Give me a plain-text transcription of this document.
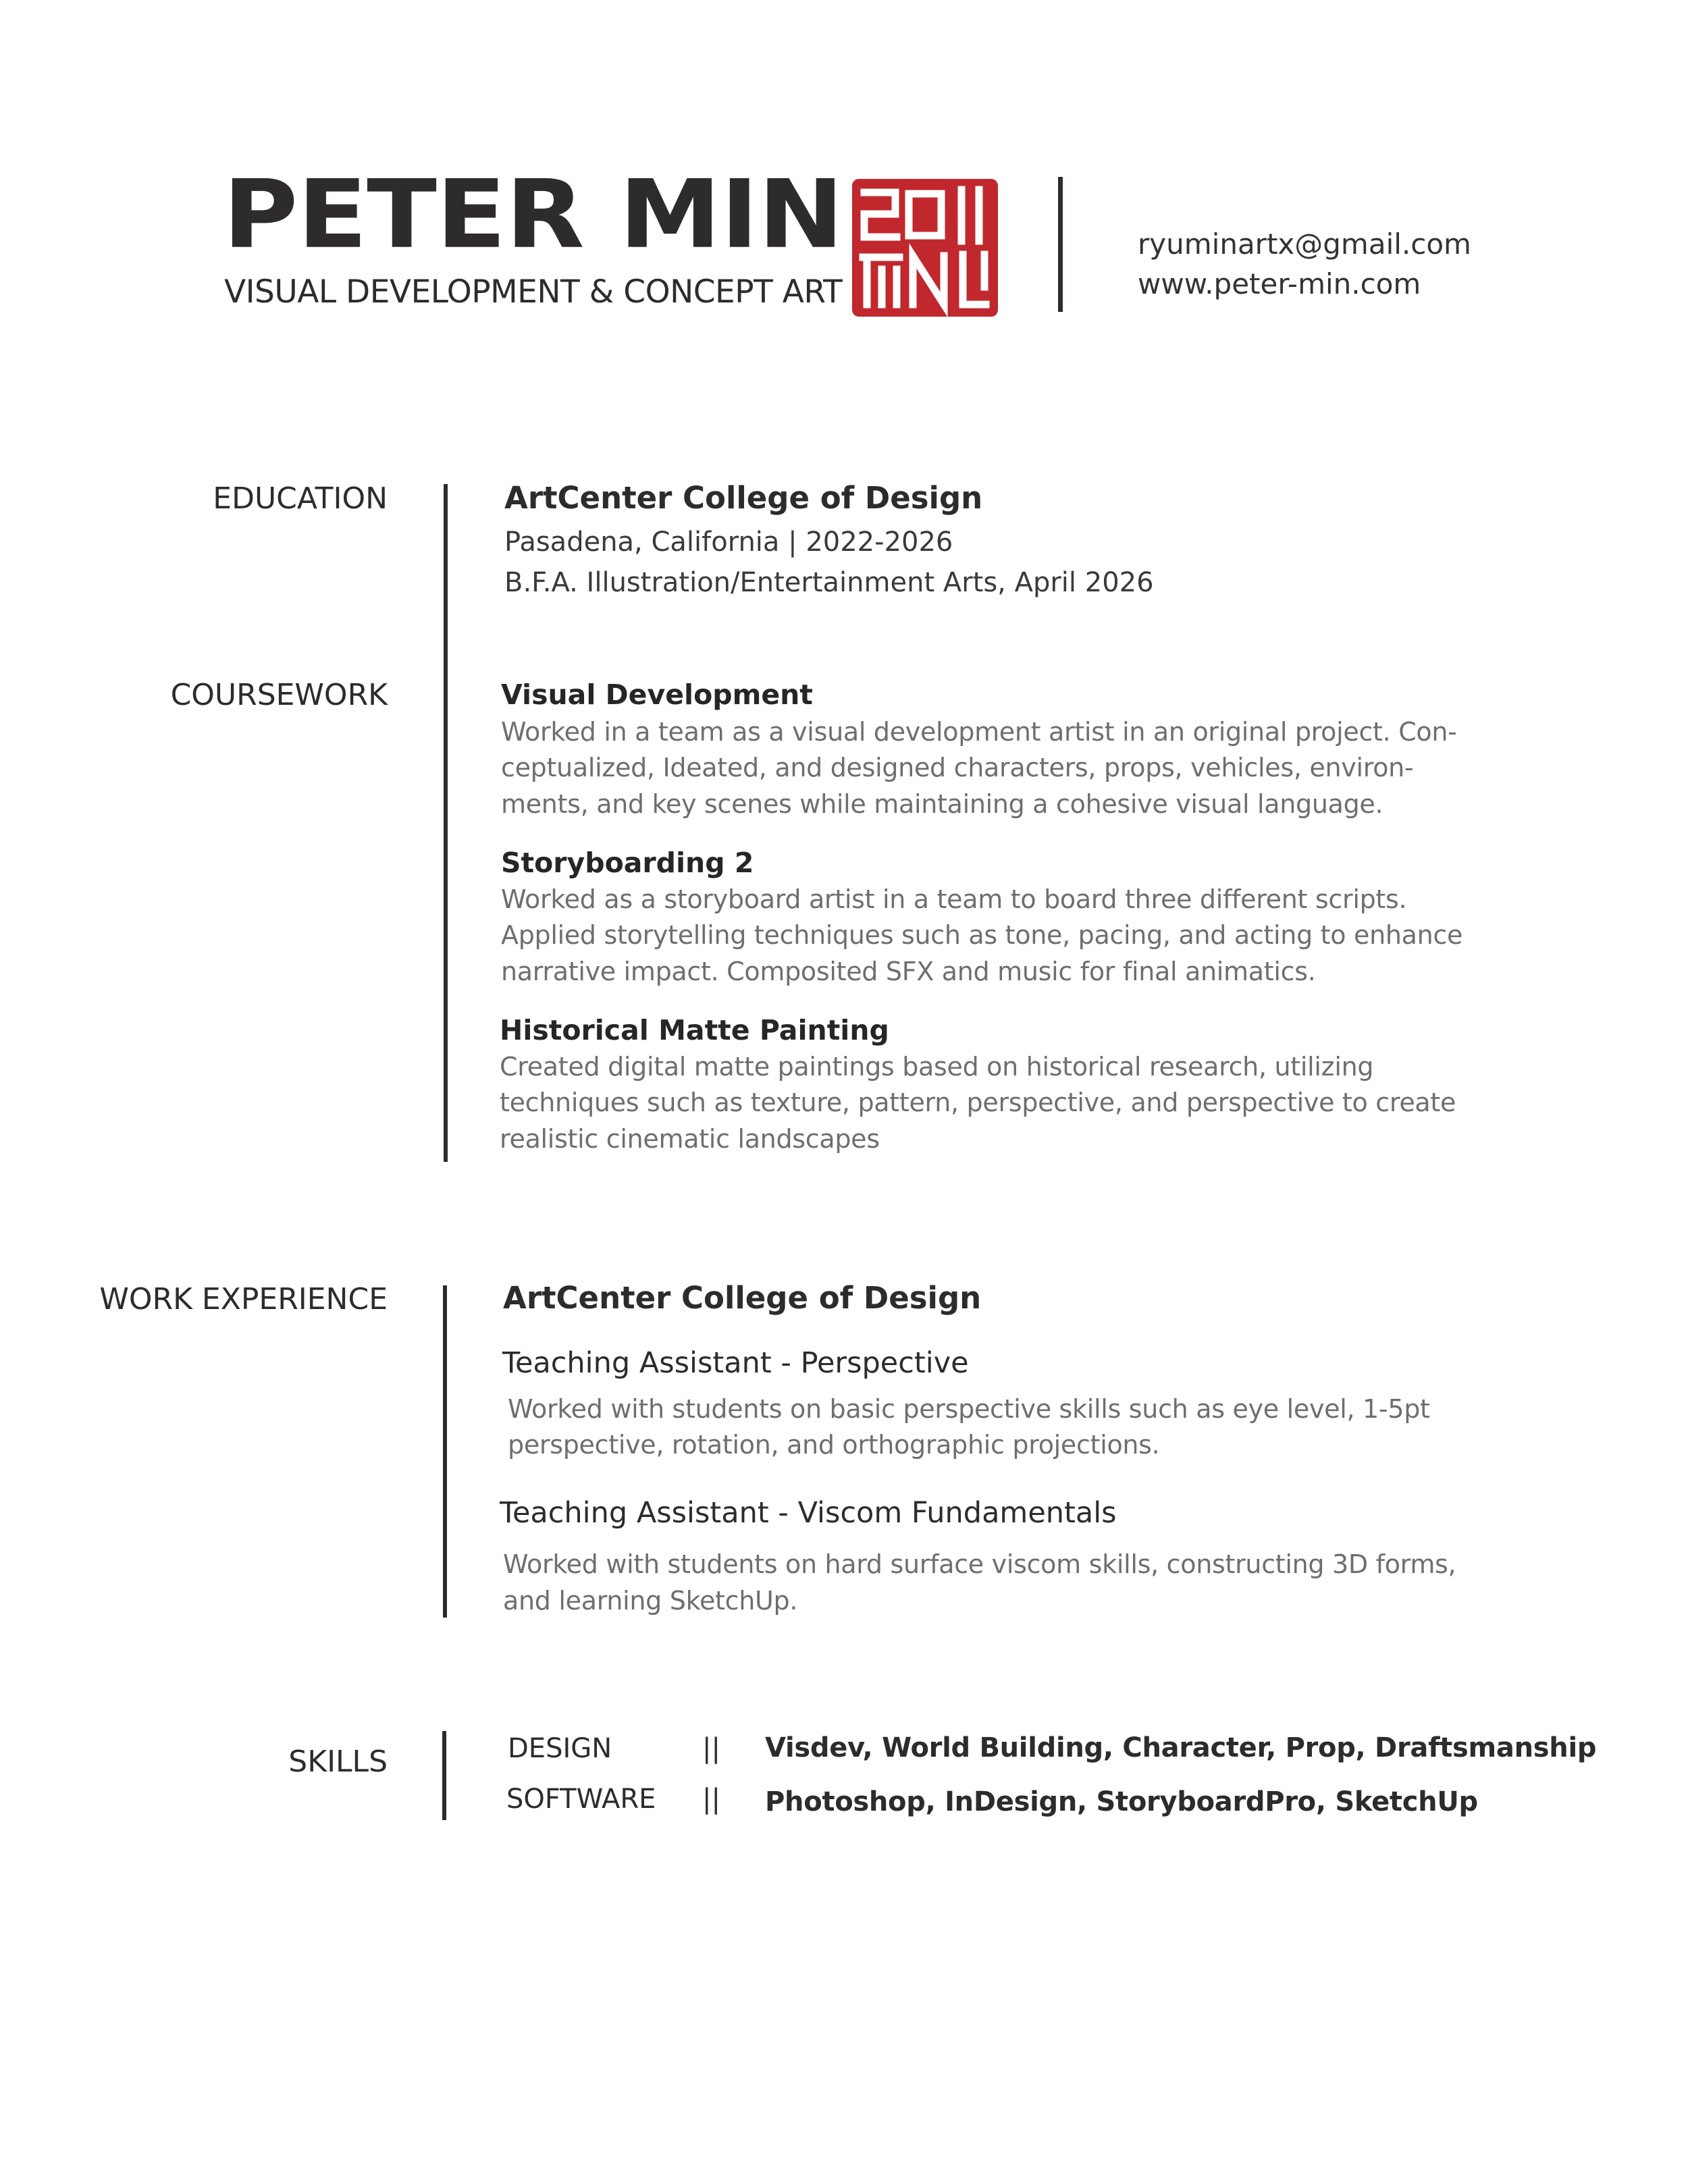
PETER MIN
VISUAL DEVELOPMENT & CONCEPT ART
ryuminartx@gmail.com
www.peter-min.com
EDUCATION	ArtCenter College of Design
Pasadena, California | 2022-2026
B.F.A. Illustration/Entertainment Arts, April 2026
COURSEWORK	Visual Development
Worked in a team as a visual development artist in an original project. Con-
ceptualized, Ideated, and designed characters, props, vehicles, environ-
ments, and key scenes while maintaining a cohesive visual language.
Storyboarding 2
Worked as a storyboard artist in a team to board three different scripts.
Applied storytelling techniques such as tone, pacing, and acting to enhance
narrative impact. Composited SFX and music for final animatics.
Historical Matte Painting
Created digital matte paintings based on historical research, utilizing
techniques such as texture, pattern, perspective, and perspective to create
realistic cinematic landscapes
WORK EXPERIENCE	ArtCenter College of Design
Teaching Assistant - Perspective
Worked with students on basic perspective skills such as eye level, 1-5pt
perspective, rotation, and orthographic projections.
Teaching Assistant - Viscom Fundamentals
Worked with students on hard surface viscom skills, constructing 3D forms,
and learning SketchUp.
SKILLS	DESIGN	|| Visdev, World Building, Character, Prop, Draftsmanship
SOFTWARE || Photoshop, InDesign, StoryboardPro, SketchUp
